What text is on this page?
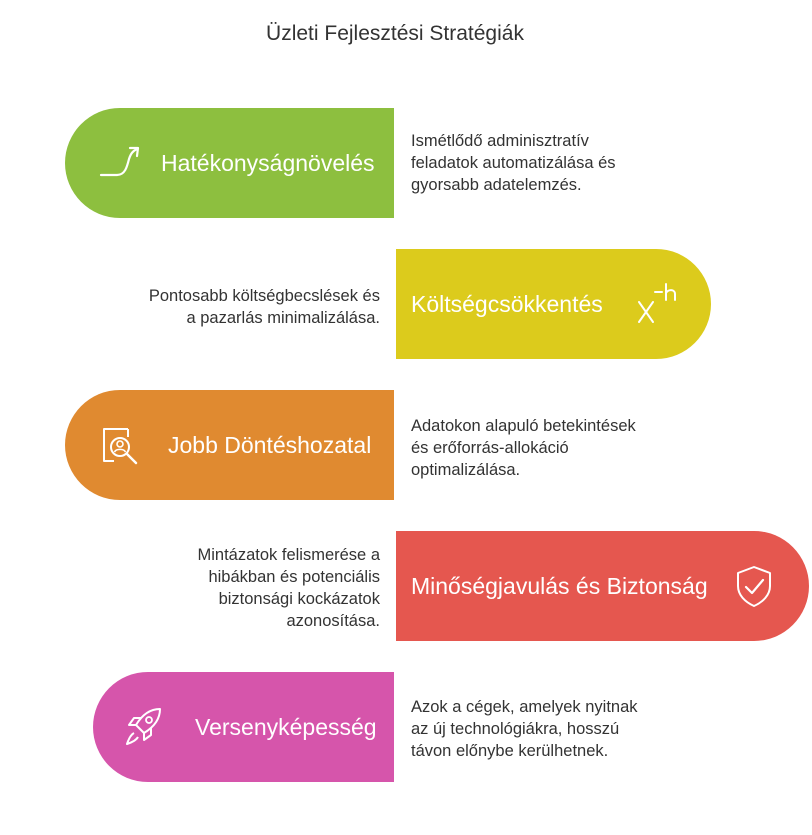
Üzleti Fejlesztési Stratégiák
Hatékonyságnövelés
Ismétlődő adminisztratív
feladatok automatizálása és
gyorsabb adatelemzés.
Költségcsökkentés
Pontosabb költségbecslések és
a pazarlás minimalizálása.
Jobb Döntéshozatal
Adatokon alapuló betekintések
és erőforrás-allokáció
optimalizálása.
Minőségjavulás és Biztonság
Mintázatok felismerése a
hibákban és potenciális
biztonsági kockázatok
azonosítása.
Versenyképesség
Azok a cégek, amelyek nyitnak
az új technológiákra, hosszú
távon előnybe kerülhetnek.
